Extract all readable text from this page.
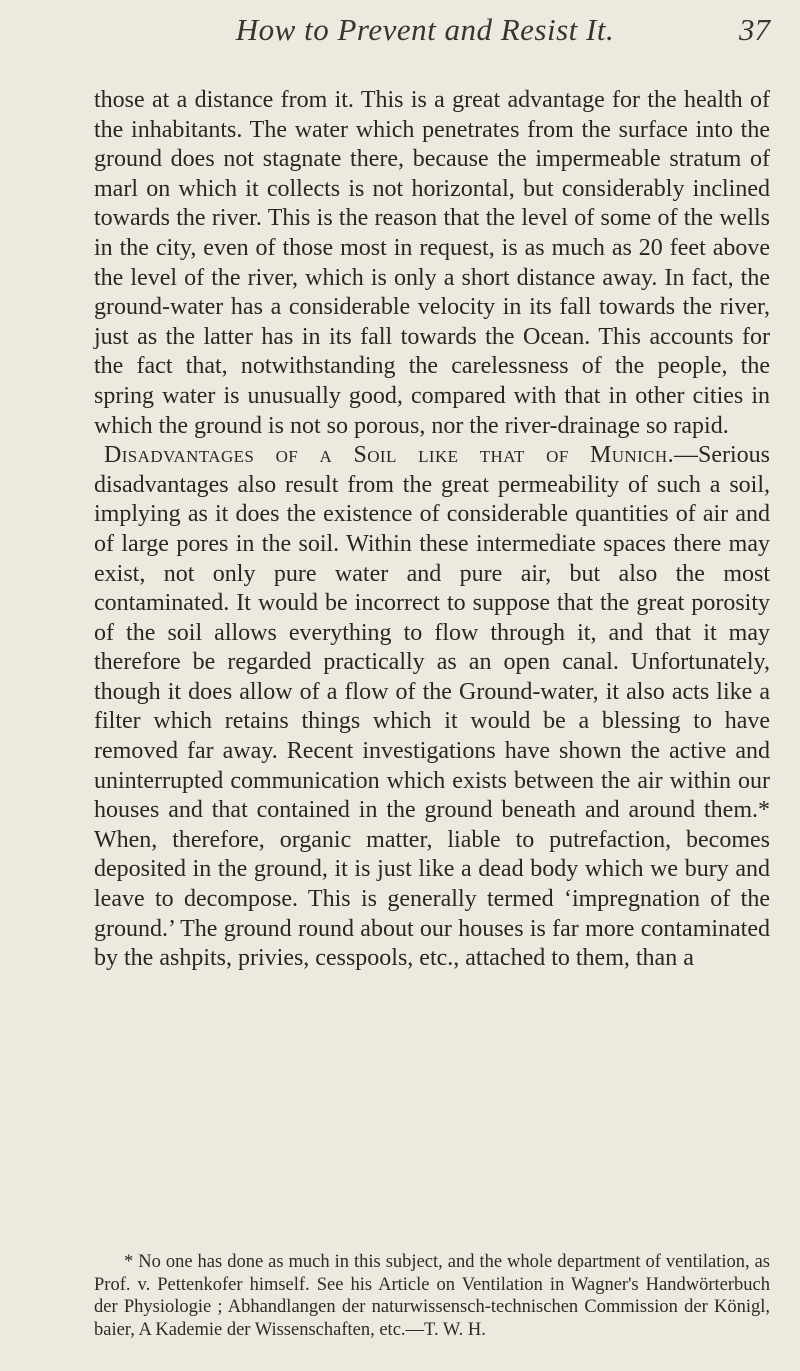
How to Prevent and Resist It.	37

those at a distance from it. This is a great advantage for the health of the inhabitants. The water which penetrates from the surface into the ground does not stagnate there, because the impermeable stratum of marl on which it collects is not horizontal, but considerably inclined towards the river. This is the reason that the level of some of the wells in the city, even of those most in request, is as much as 20 feet above the level of the river, which is only a short distance away. In fact, the ground-water has a considerable velocity in its fall towards the river, just as the latter has in its fall towards the Ocean. This accounts for the fact that, notwithstanding the carelessness of the people, the spring water is unusually good, compared with that in other cities in which the ground is not so porous, nor the river-drainage so rapid.

Disadvantages of a Soil like that of Munich.—Serious disadvantages also result from the great permeability of such a soil, implying as it does the existence of considerable quantities of air and of large pores in the soil. Within these intermediate spaces there may exist, not only pure water and pure air, but also the most contaminated. It would be incorrect to suppose that the great porosity of the soil allows everything to flow through it, and that it may therefore be regarded practically as an open canal. Unfortunately, though it does allow of a flow of the Ground-water, it also acts like a filter which retains things which it would be a blessing to have removed far away. Recent investigations have shown the active and uninterrupted communication which exists between the air within our houses and that contained in the ground beneath and around them.* When, therefore, organic matter, liable to putrefaction, becomes deposited in the ground, it is just like a dead body which we bury and leave to decompose. This is generally termed ‘impregnation of the ground.’ The ground round about our houses is far more contaminated by the ashpits, privies, cesspools, etc., attached to them, than a

* No one has done as much in this subject, and the whole department of ventilation, as Prof. v. Pettenkofer himself. See his Article on Ventilation in Wagner's Handwörterbuch der Physiologie ; Abhandlangen der naturwissensch-technischen Commission der Königl, baier, A Kademie der Wissenschaften, etc.—T. W. H.
